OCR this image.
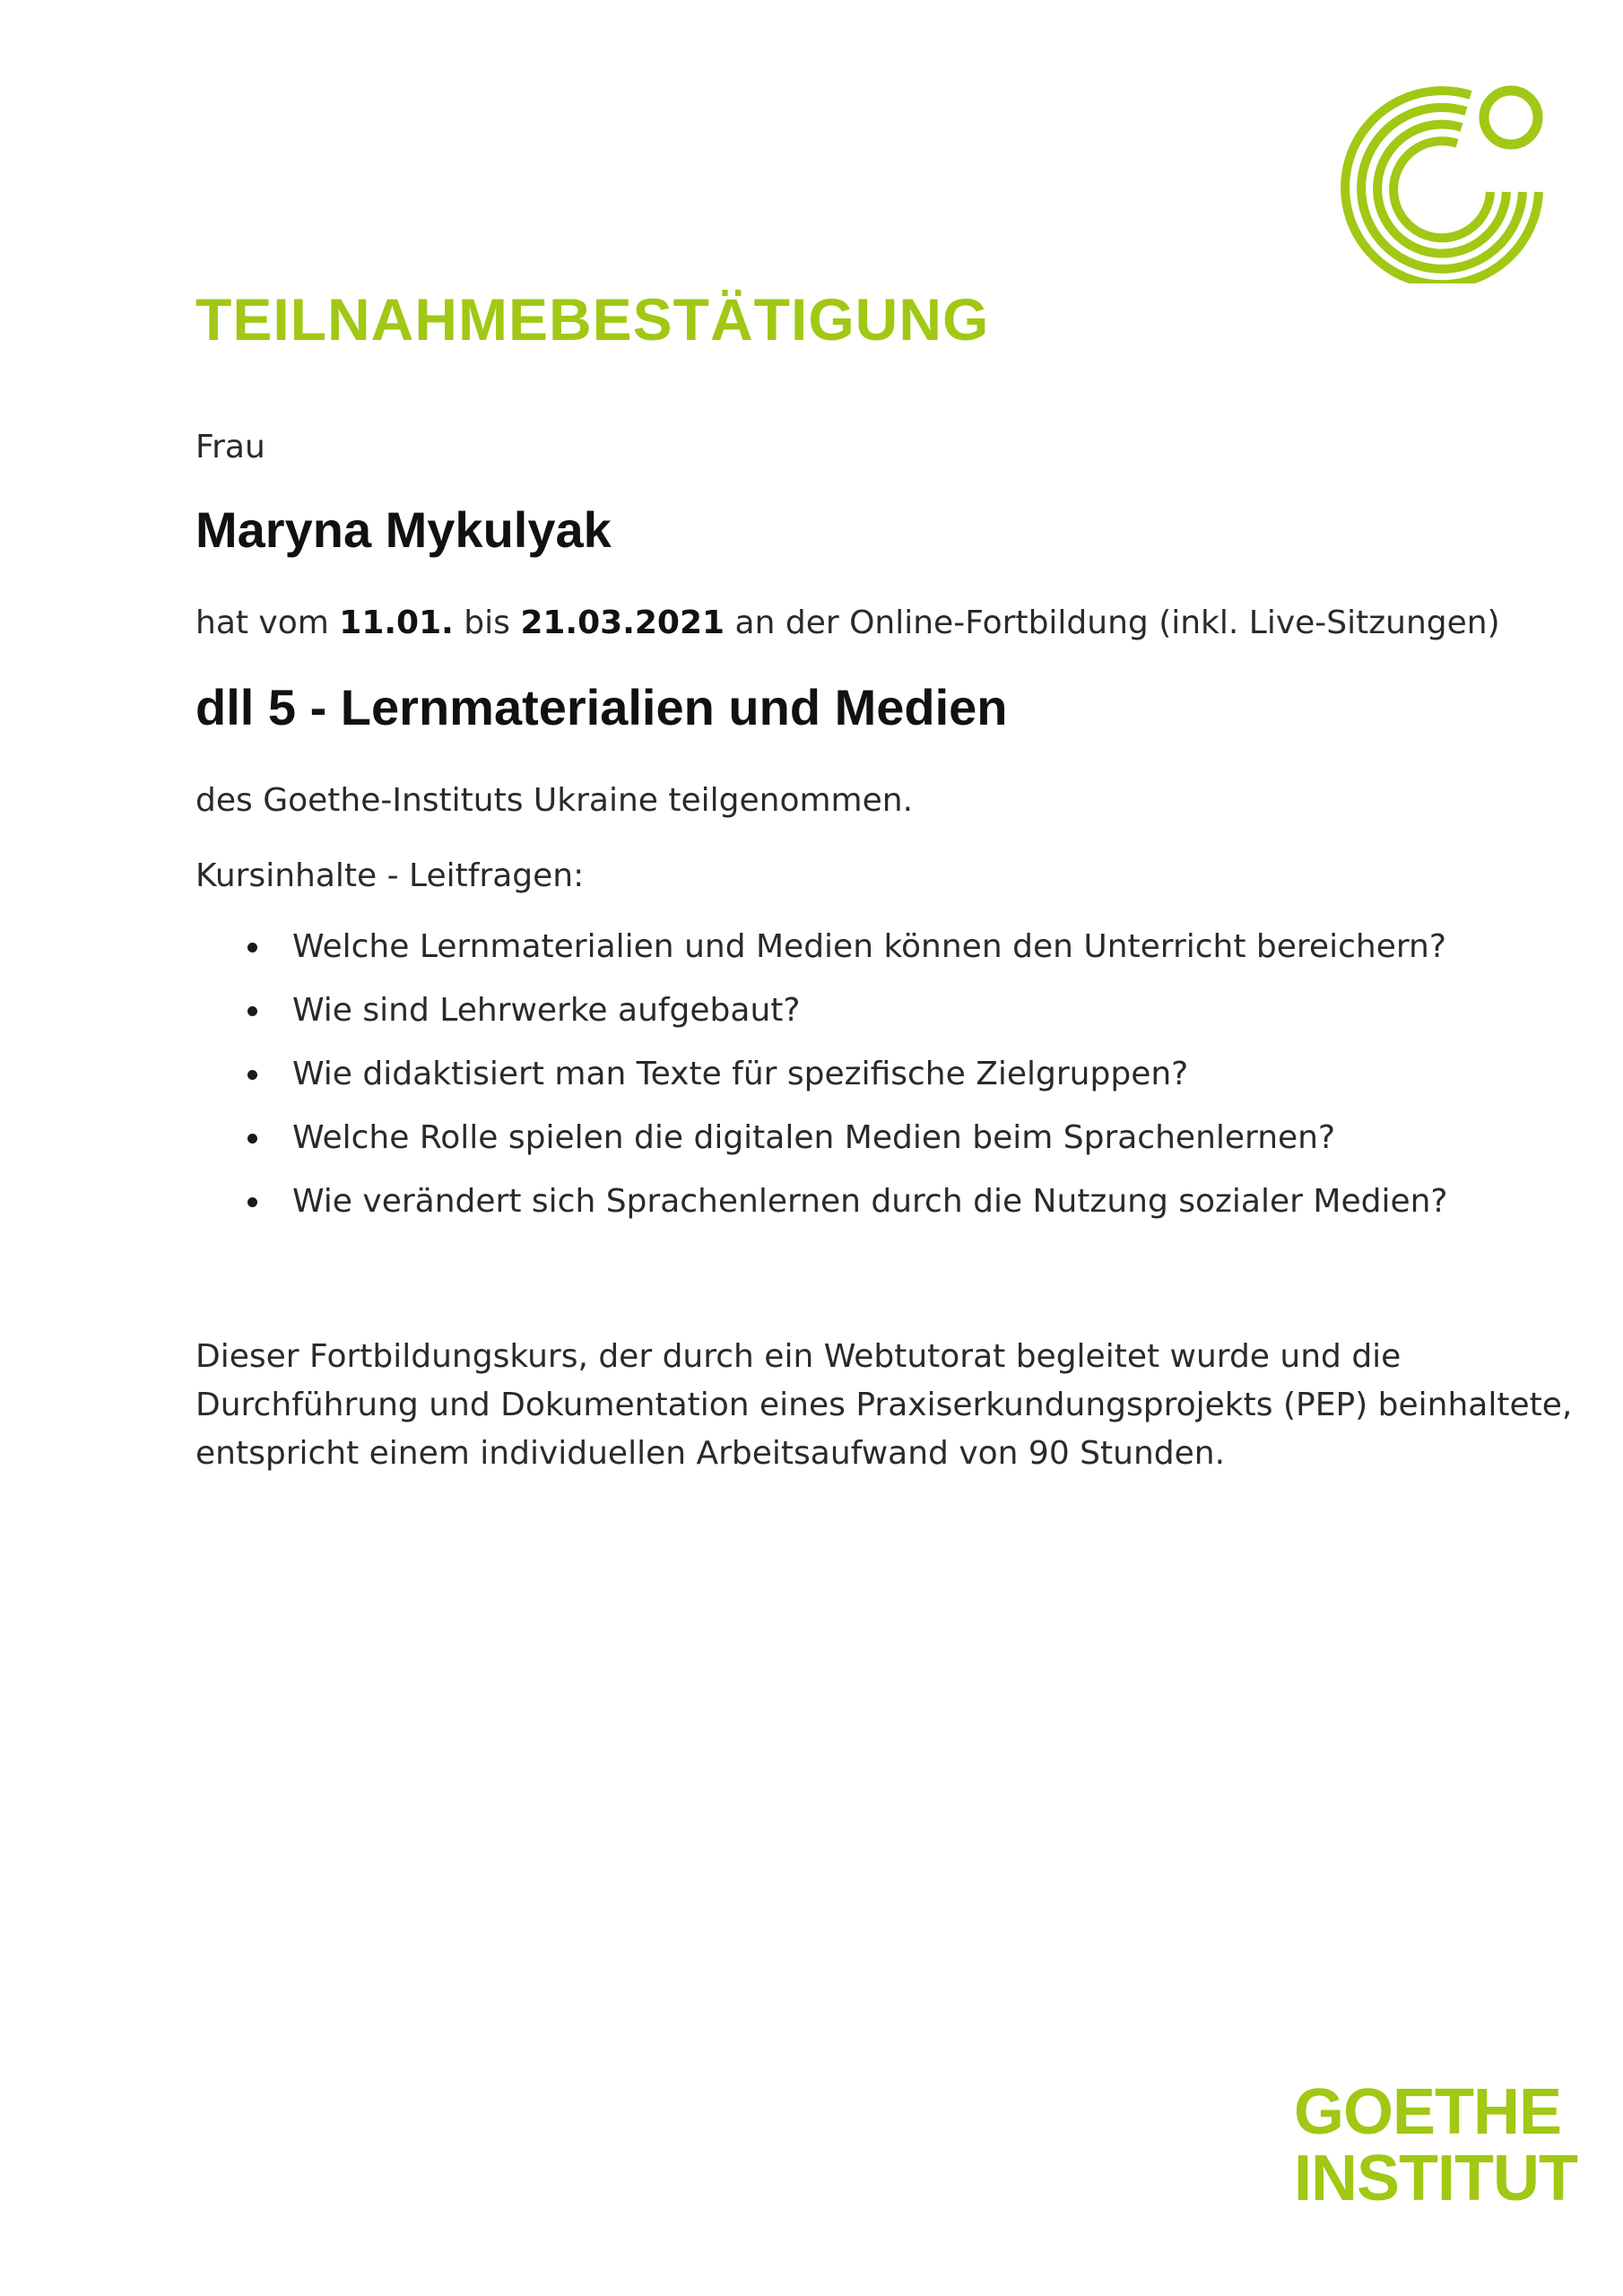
TEILNAHMEBESTÄTIGUNG
Frau
Maryna Mykulyak
hat vom 11.01. bis 21.03.2021 an der Online-Fortbildung (inkl. Live-Sitzungen)
dll 5 - Lernmaterialien und Medien
des Goethe-Instituts Ukraine teilgenommen.
Kursinhalte - Leitfragen:
Welche Lernmaterialien und Medien können den Unterricht bereichern?
Wie sind Lehrwerke aufgebaut?
Wie didaktisiert man Texte für spezifische Zielgruppen?
Welche Rolle spielen die digitalen Medien beim Sprachenlernen?
Wie verändert sich Sprachenlernen durch die Nutzung sozialer Medien?
Dieser Fortbildungskurs, der durch ein Webtutorat begleitet wurde und die
Durchführung und Dokumentation eines Praxiserkundungsprojekts (PEP) beinhaltete,
entspricht einem individuellen Arbeitsaufwand von 90 Stunden.
GOETHE
INSTITUT
